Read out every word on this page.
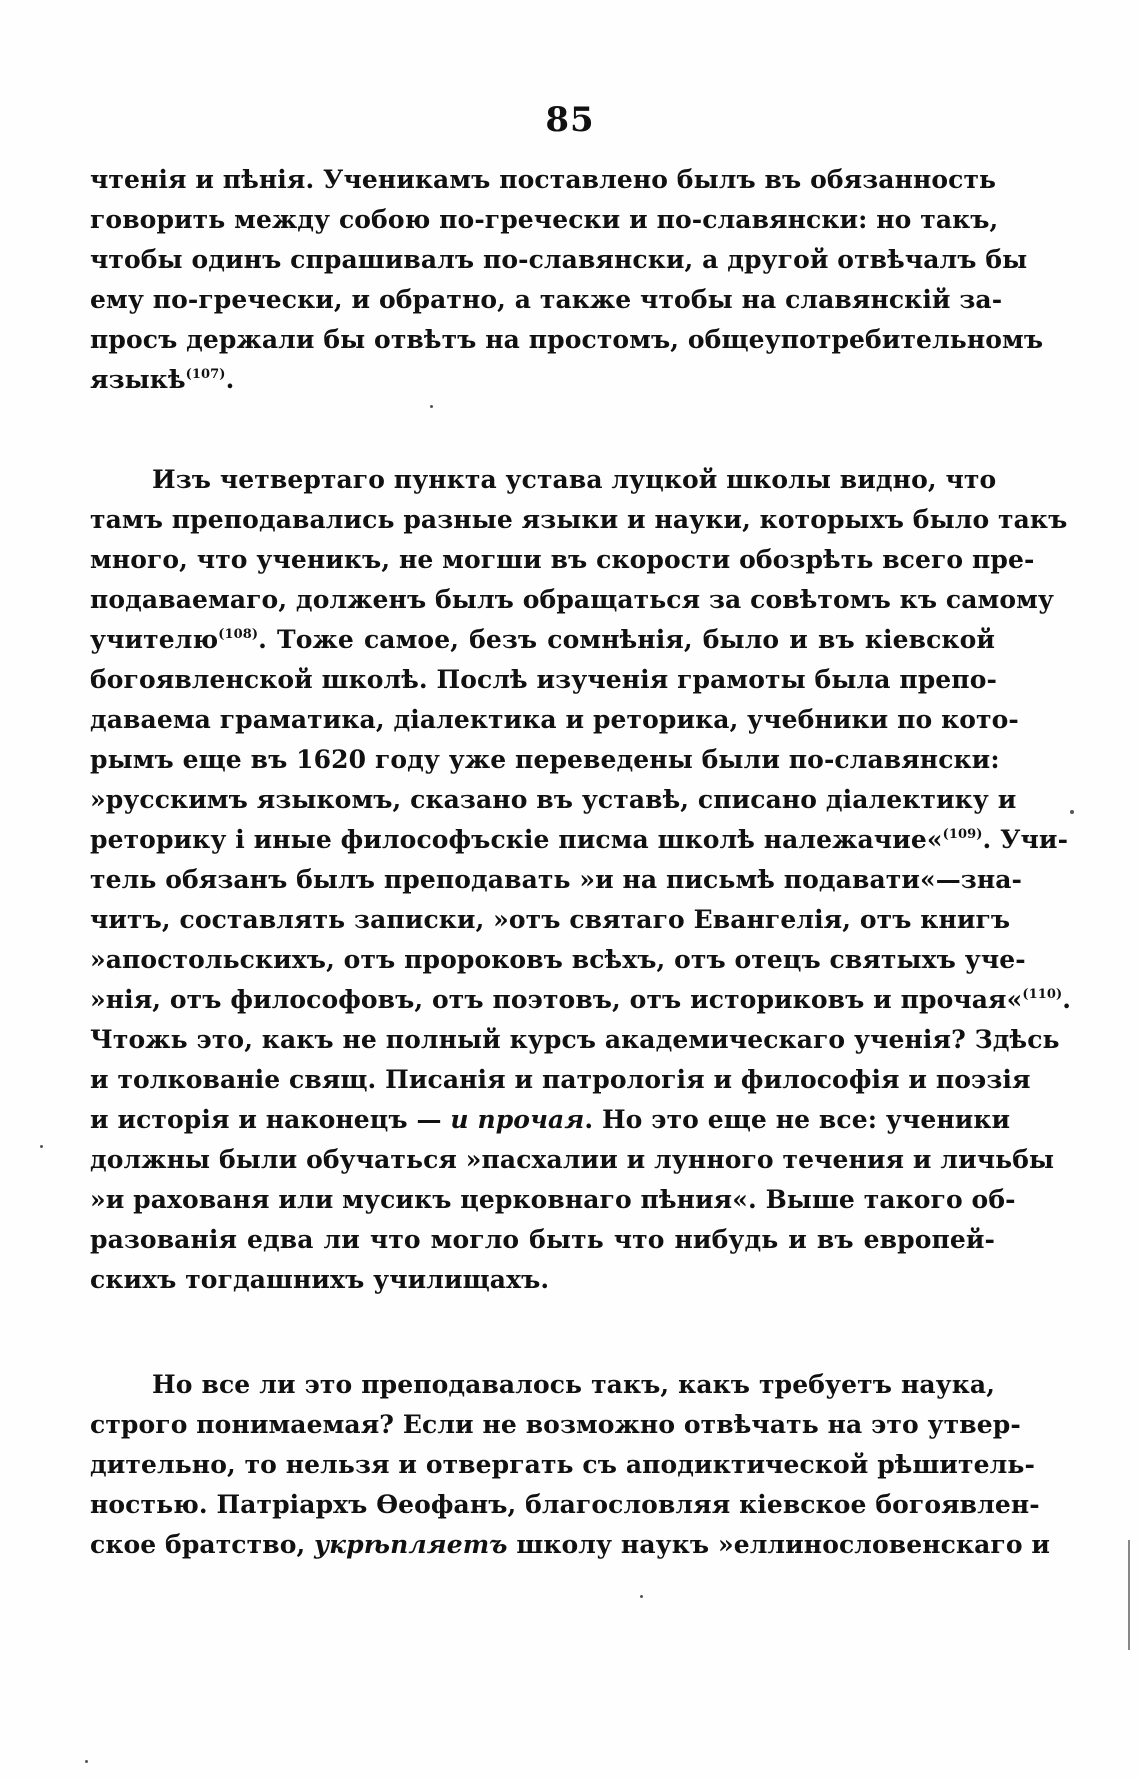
85
чтенія и пѣнія. Ученикамъ поставлено былъ въ обязанность
говорить между собою по-гречески и по-славянски: но такъ,
чтобы одинъ спрашивалъ по-славянски, а другой отвѣчалъ бы
ему по-гречески, и обратно, а также чтобы на славянскій за-
просъ держали бы отвѣтъ на простомъ, общеупотребительномъ
языкѣ$^{(107)}$.
Изъ четвертаго пункта устава луцкой школы видно, что
тамъ преподавались разные языки и науки, которыхъ было такъ
много, что ученикъ, не могши въ скорости обозрѣть всего пре-
подаваемаго, долженъ былъ обращаться за совѣтомъ къ самому
учителю$^{(108)}$. Тоже самое, безъ сомнѣнія, было и въ кіевской
богоявленской школѣ. Послѣ изученія грамоты была препо-
даваема граматика, діалектика и реторика, учебники по кото-
рымъ еще въ 1620 году уже переведены были по-славянски:
»русскимъ языкомъ, сказано въ уставѣ, списано діалектику и
реторику і иные философъскіе писма школѣ належачие«$^{(109)}$. Учи-
тель обязанъ былъ преподавать »и на письмѣ подавати«—зна-
читъ, составлять записки, »отъ святаго Евангелія, отъ книгъ
»апостольскихъ, отъ пророковъ всѣхъ, отъ отецъ святыхъ уче-
»нія, отъ философовъ, отъ поэтовъ, отъ историковъ и прочая«$^{(110)}$.
Чтожь это, какъ не полный курсъ академическаго ученія? Здѣсь
и толкованіе свящ. Писанія и патрологія и философія и поэзія
и исторія и наконецъ — и прочая. Но это еще не все: ученики
должны были обучаться »пасхалии и лунного течения и личьбы
»и рахованя или мусикъ церковнаго пѣния«. Выше такого об-
разованія едва ли что могло быть что нибудь и въ европей-
скихъ тогдашнихъ училищахъ.
Но все ли это преподавалось такъ, какъ требуетъ наука,
строго понимаемая? Если не возможно отвѣчать на это утвер-
дительно, то нельзя и отвергать съ аподиктической рѣшитель-
ностью. Патріархъ Ѳеофанъ, благословляя кіевское богоявлен-
ское братство, укрѣпляетъ школу наукъ »еллинословенскаго и
